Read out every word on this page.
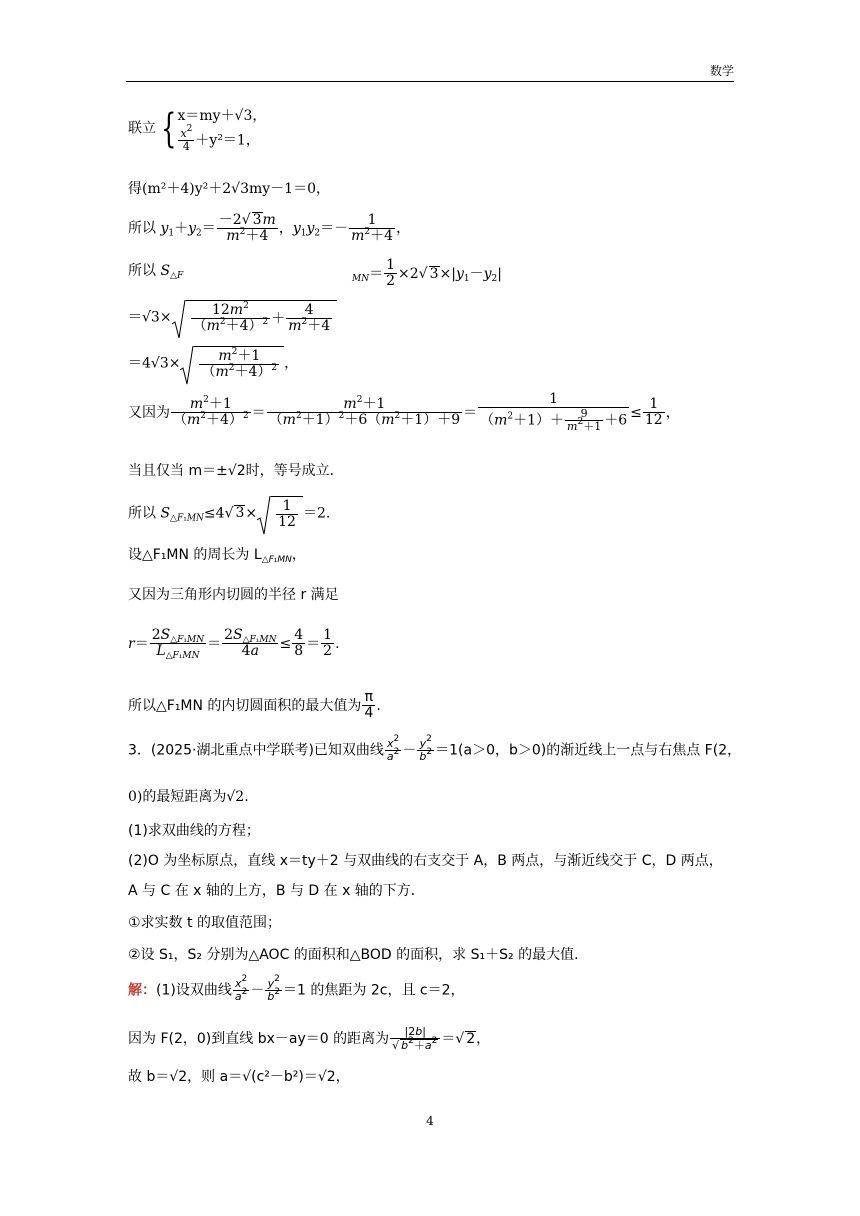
数学
联立 { x＝my＋√3，
$\frac{x^2}{4} +y^2=1$，
得(m²＋4)y²＋2√3my－1＝0，
所以 $y_1+y_2= \frac{-2√ 3m}{m^2+4}$ ，$y_1y_2=- \frac{1}{m^2+4}$ ，
所以 $S_{\triangle F}$	$_{MN}= \frac{1}{2} \times 2√$ $3\times|y_1-y_2|$
$=√3\times \frac{12m^2}{(m^2+4)^2} + \frac{4}{m^2+4}$
$=4√3\times \frac{m^2+1}{(m^2+4)^2}$ ，
又因为 $\frac{m^2+1}{(m^2+4)^2} = \frac{m^2+1}{(m^2+1)^2+6(m^2+1)+9} = \frac{1}{(m^2+1)+ \frac{9}{m^2+1} +6} \le \frac{1}{12}$ ，
当且仅当 m＝±√2时，等号成立．
所以 $S_{\triangle F_1MN}\le 4√$ $3\times \frac{1}{12} =2$.
设△F₁MN 的周长为 $L_{\triangle F_1MN}$，
又因为三角形内切圆的半径 r 满足
$r= \frac{2S_{\triangle F_1MN}}{L_{\triangle F_1MN}} = \frac{2S_{\triangle F_1MN}}{4a} \le \frac{4}{8} = \frac{1}{2}$ .
所以△F₁MN 的内切圆面积的最大值为 $\frac{\pi}{4}$ .
3．(2025·湖北重点中学联考)已知双曲线 $\frac{x^2}{a^2} - \frac{y^2}{b^2} =1(a>0$，b＞0)的渐近线上一点与右焦点 F(2，
0)的最短距离为√2.
(1)求双曲线的方程；
(2)O 为坐标原点，直线 x＝ty＋2 与双曲线的右支交于 A，B 两点，与渐近线交于 C，D 两点，
A 与 C 在 x 轴的上方，B 与 D 在 x 轴的下方．
①求实数 t 的取值范围；
②设 S₁，S₂ 分别为△AOC 的面积和△BOD 的面积，求 S₁＋S₂ 的最大值．
解：(1)设双曲线 $\frac{x^2}{a^2} - \frac{y^2}{b^2} =1$ 的焦距为 2c，且 c＝2，
因为 F(2，0)到直线 bx－ay＝0 的距离为 $\frac{|2b|}{√ b^2+a^2}$ ＝√ 2，
故 b＝√2，则 a＝√(c²－b²)＝√2，
4
